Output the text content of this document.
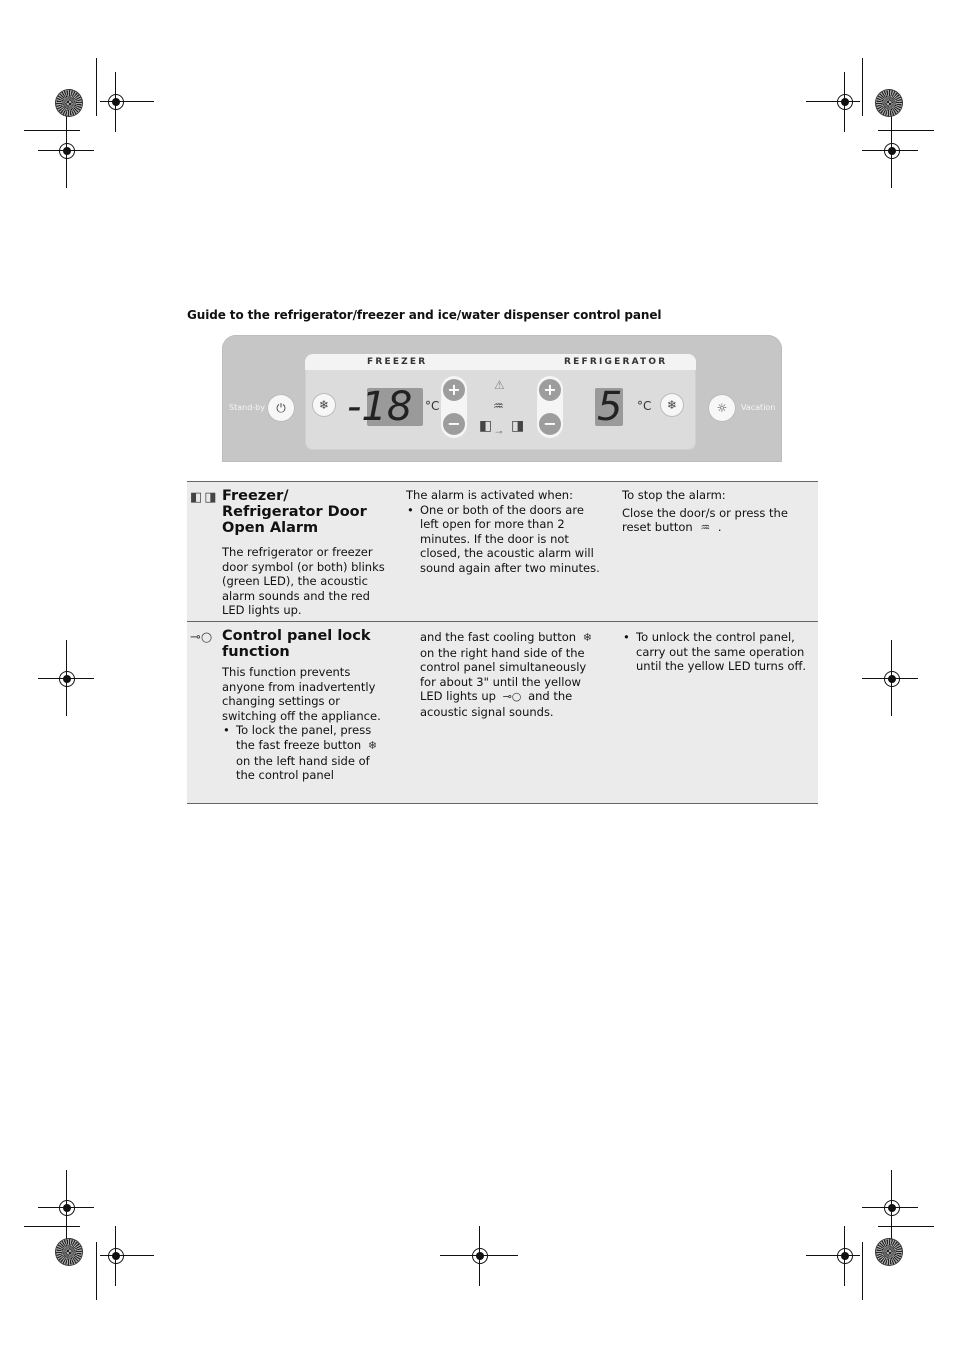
Guide to the refrigerator/freezer and ice/water dispenser control panel
Stand-by ⏻	☼	Vacation
FREEZER	REFRIGERATOR
❄ -18 °C
+
−
⚠
♒
◧ ⊸ ◨
+
− 5 °C	❄
◧◨ Freezer/ Refrigerator Door Open Alarm
The refrigerator or freezer door symbol (or both) blinks (green LED), the acoustic alarm sounds and the red LED lights up.
The alarm is activated when:
• One or both of the doors are left open for more than 2 minutes. If the door is not closed, the acoustic alarm will sound again after two minutes.
To stop the alarm:
Close the door/s or press the reset button ♒ .
⊸○ Control panel lock function
This function prevents anyone from inadvertently changing settings or switching off the appliance.
• To lock the panel, press the fast freeze button ❄ on the left hand side of the control panel
and the fast cooling button ❄ on the right hand side of the control panel simultaneously for about 3" until the yellow LED lights up ⊸○ and the acoustic signal sounds.
• To unlock the control panel, carry out the same operation until the yellow LED turns off.
